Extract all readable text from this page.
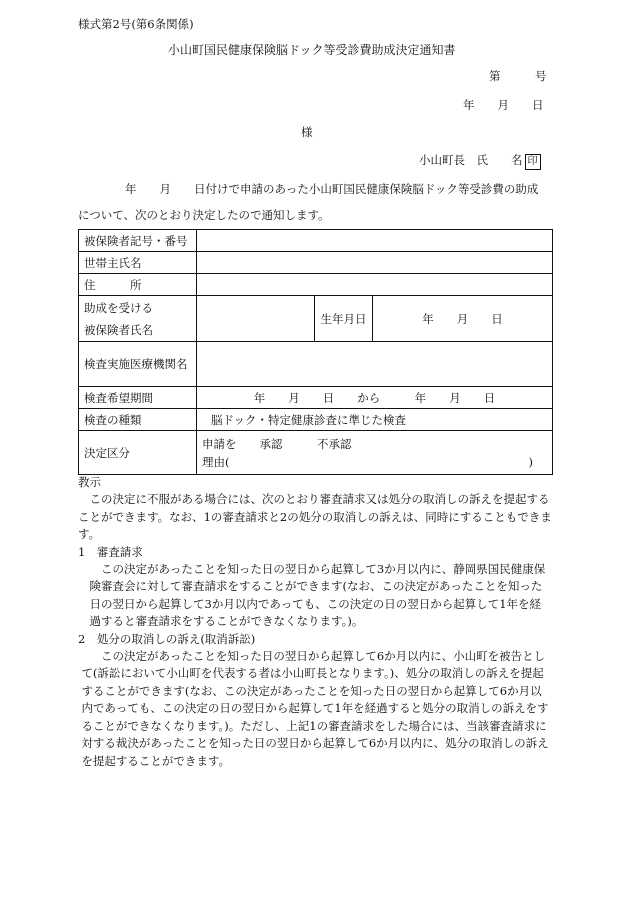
様式第2号(第6条関係)
小山町国民健康保険脳ドック等受診費助成決定通知書
第　　　号
年　　月　　日
様
小山町長　氏　　名 印
年　　月　　日付けで申請のあった小山町国民健康保険脳ドック等受診費の助成
について、次のとおり決定したので通知します。
被保険者記号・番号			
世帯主氏名			
住　　　所			

助成を受ける
被保険者氏名		生年月日	年　　月　　日
検査実施医療機関名			
検査希望期間	年　　月　　日　　から　　　年　　月　　日		
検査の種類	脳ドック・特定健康診査に準じた検査		
決定区分	申請を　　承認　　　不承認
理由( )		

教示

この決定に不服がある場合には、次のとおり審査請求又は処分の取消しの訴えを提起することができます。なお、1の審査請求と2の処分の取消しの訴えは、同時にすることもできます。

1　審査請求

この決定があったことを知った日の翌日から起算して3か月以内に、静岡県国民健康保険審査会に対して審査請求をすることができます(なお、この決定があったことを知った日の翌日から起算して3か月以内であっても、この決定の日の翌日から起算して1年を経過すると審査請求をすることができなくなります。)。

2　処分の取消しの訴え(取消訴訟)

この決定があったことを知った日の翌日から起算して6か月以内に、小山町を被告として(訴訟において小山町を代表する者は小山町長となります。)、処分の取消しの訴えを提起することができます(なお、この決定があったことを知った日の翌日から起算して6か月以内であっても、この決定の日の翌日から起算して1年を経過すると処分の取消しの訴えをすることができなくなります。)。ただし、上記1の審査請求をした場合には、当該審査請求に対する裁決があったことを知った日の翌日から起算して6か月以内に、処分の取消しの訴えを提起することができます。
